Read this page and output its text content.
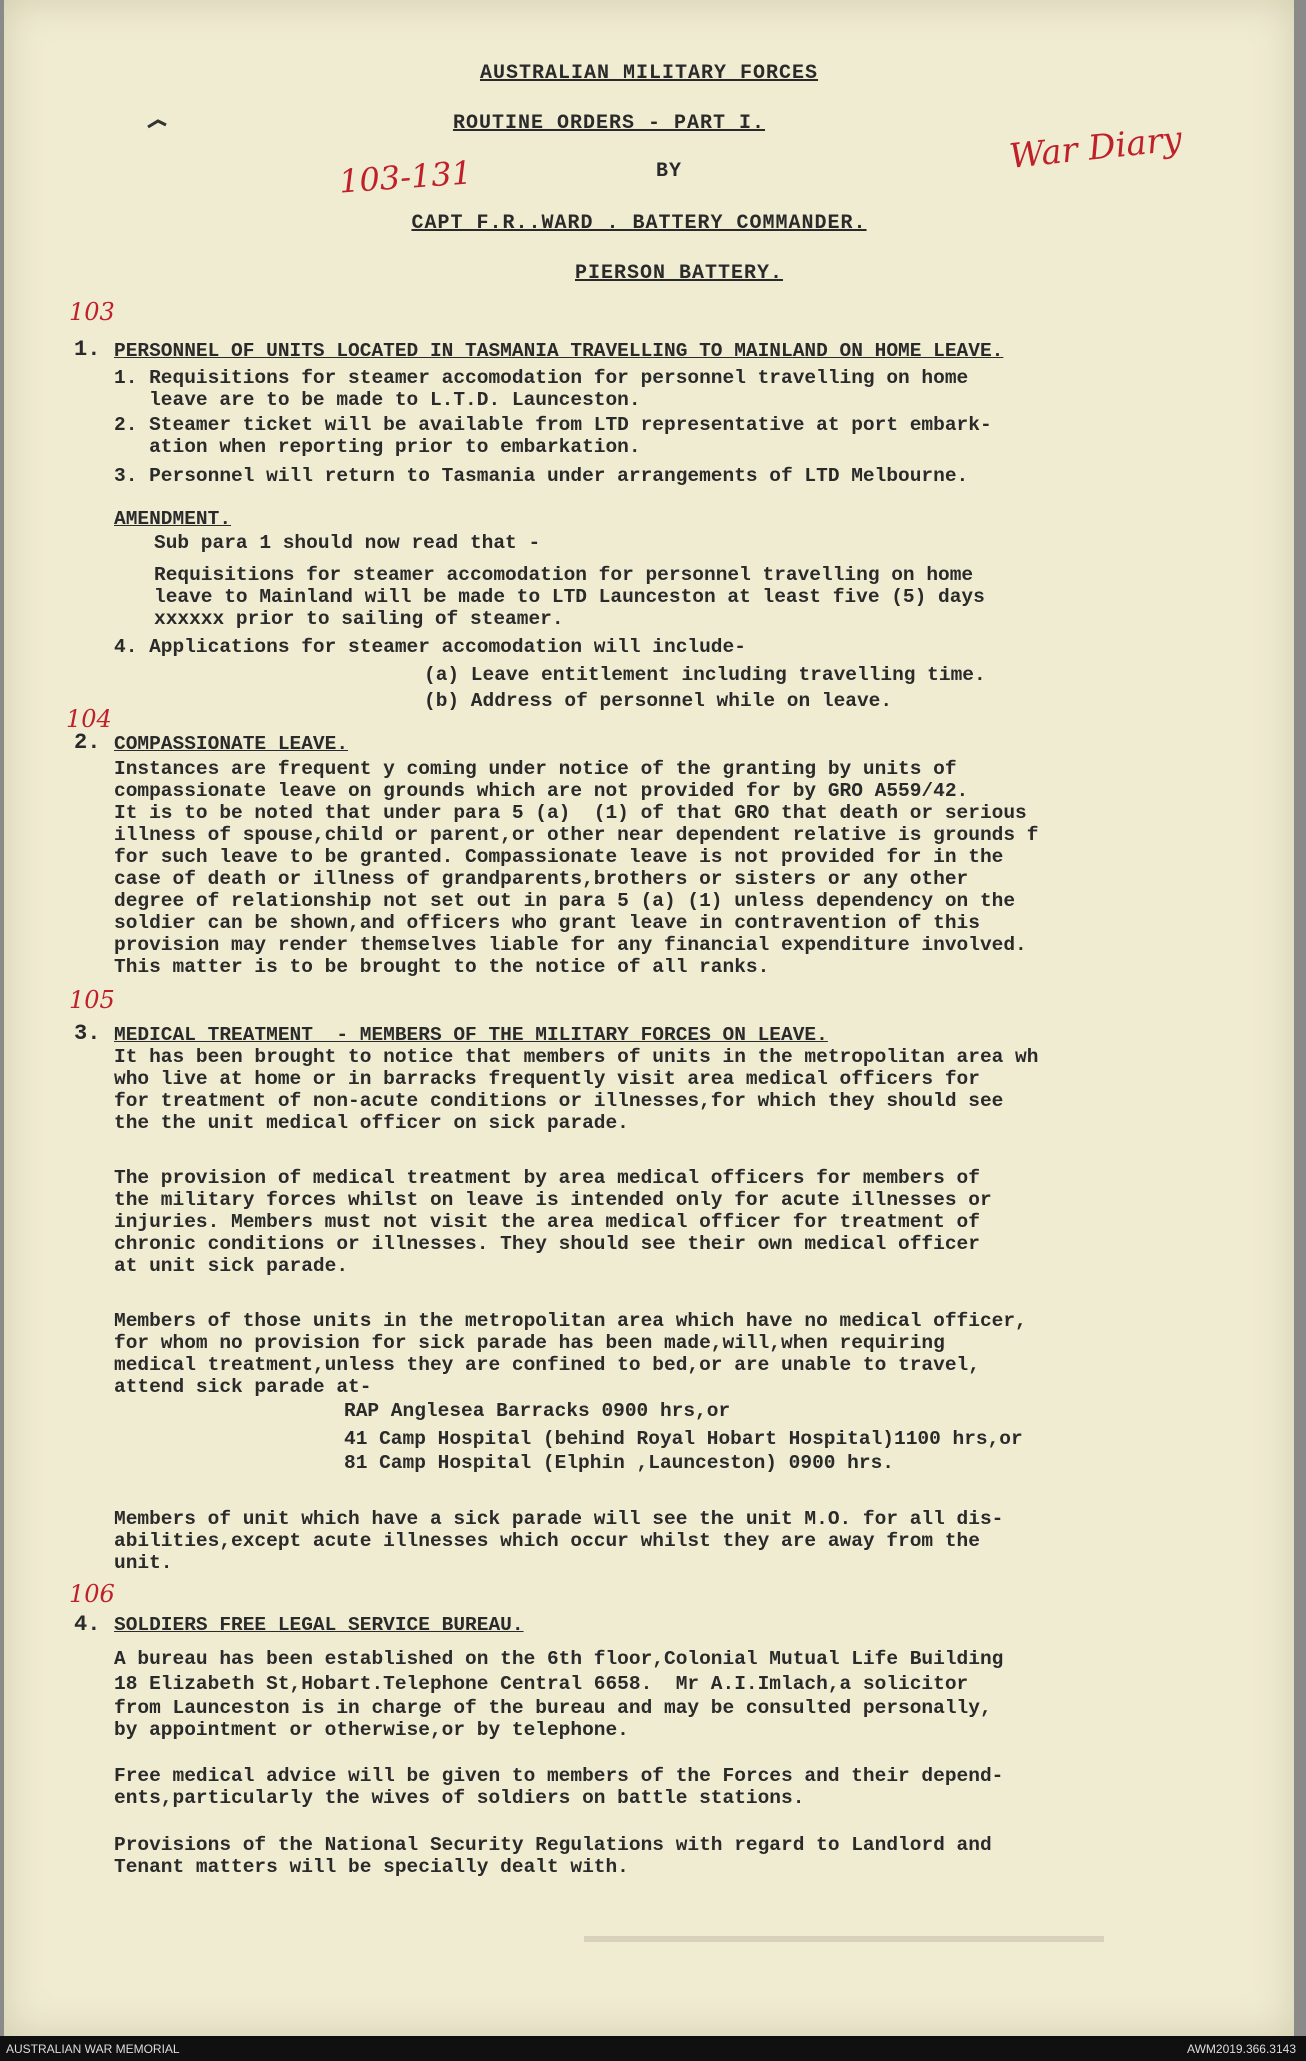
AUSTRALIAN MILITARY FORCES
ROUTINE ORDERS - PART I.
BY
CAPT F.R..WARD . BATTERY COMMANDER.
PIERSON BATTERY.
War Diary
103-131
103
1. PERSONNEL OF UNITS LOCATED IN TASMANIA TRAVELLING TO MAINLAND ON HOME LEAVE.
1. Requisitions for steamer accomodation for personnel travelling on home
leave are to be made to L.T.D. Launceston.
2. Steamer ticket will be available from LTD representative at port embark-
ation when reporting prior to embarkation.
3. Personnel will return to Tasmania under arrangements of LTD Melbourne.
AMENDMENT.
Sub para 1 should now read that -
Requisitions for steamer accomodation for personnel travelling on home
leave to Mainland will be made to LTD Launceston at least five (5) days
xxxxxx prior to sailing of steamer.
4. Applications for steamer accomodation will include-
(a) Leave entitlement including travelling time.
(b) Address of personnel while on leave.
104
2. COMPASSIONATE LEAVE.
Instances are frequent y coming under notice of the granting by units of
compassionate leave on grounds which are not provided for by GRO A559/42.
It is to be noted that under para 5 (a)  (1) of that GRO that death or serious
illness of spouse,child or parent,or other near dependent relative is grounds f
for such leave to be granted. Compassionate leave is not provided for in the
case of death or illness of grandparents,brothers or sisters or any other
degree of relationship not set out in para 5 (a) (1) unless dependency on the
soldier can be shown,and officers who grant leave in contravention of this
provision may render themselves liable for any financial expenditure involved.
This matter is to be brought to the notice of all ranks.
105
3. MEDICAL TREATMENT  - MEMBERS OF THE MILITARY FORCES ON LEAVE.
It has been brought to notice that members of units in the metropolitan area wh
who live at home or in barracks frequently visit area medical officers for
for treatment of non-acute conditions or illnesses,for which they should see
the the unit medical officer on sick parade.
The provision of medical treatment by area medical officers for members of
the military forces whilst on leave is intended only for acute illnesses or
injuries. Members must not visit the area medical officer for treatment of
chronic conditions or illnesses. They should see their own medical officer
at unit sick parade.
Members of those units in the metropolitan area which have no medical officer,
for whom no provision for sick parade has been made,will,when requiring
medical treatment,unless they are confined to bed,or are unable to travel,
attend sick parade at-
RAP Anglesea Barracks 0900 hrs,or
41 Camp Hospital (behind Royal Hobart Hospital)1100 hrs,or
81 Camp Hospital (Elphin ,Launceston) 0900 hrs.
Members of unit which have a sick parade will see the unit M.O. for all dis-
abilities,except acute illnesses which occur whilst they are away from the
unit.
106
4. SOLDIERS FREE LEGAL SERVICE BUREAU.
A bureau has been established on the 6th floor,Colonial Mutual Life Building
18 Elizabeth St,Hobart.Telephone Central 6658.  Mr A.I.Imlach,a solicitor
from Launceston is in charge of the bureau and may be consulted personally,
by appointment or otherwise,or by telephone.
Free medical advice will be given to members of the Forces and their depend-
ents,particularly the wives of soldiers on battle stations.
Provisions of the National Security Regulations with regard to Landlord and
Tenant matters will be specially dealt with.
AUSTRALIAN WAR MEMORIAL	AWM2019.366.3143
